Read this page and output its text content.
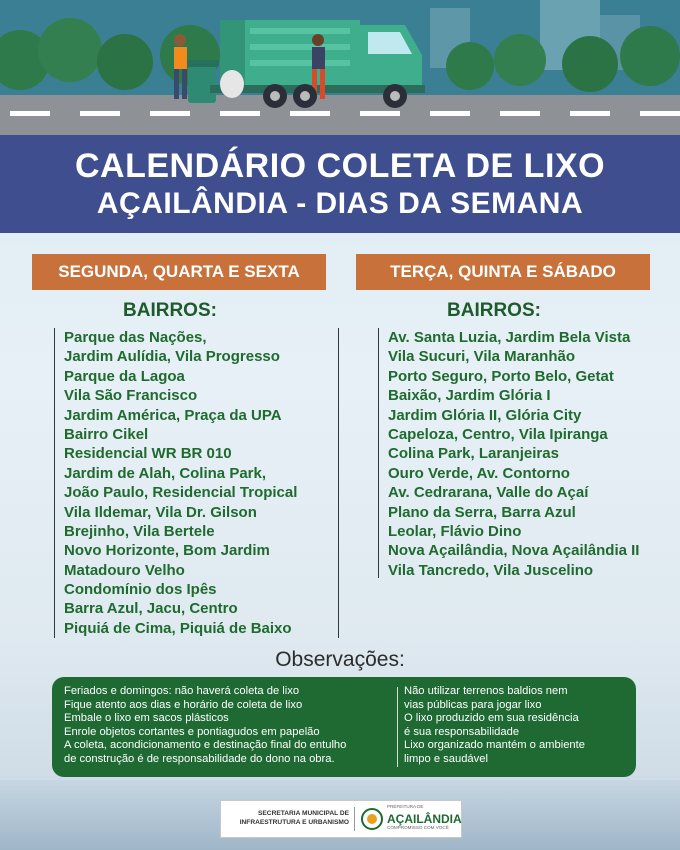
CALENDÁRIO COLETA DE LIXO
AÇAILÂNDIA - DIAS DA SEMANA
SEGUNDA, QUARTA E SEXTA
BAIRROS:
Parque das Nações,
Jardim Aulídia, Vila Progresso
Parque da Lagoa
Vila São Francisco
Jardim América, Praça da UPA
Bairro Cikel
Residencial WR BR 010
Jardim de Alah, Colina Park,
João Paulo, Residencial Tropical
Vila Ildemar, Vila Dr. Gilson
Brejinho, Vila Bertele
Novo Horizonte, Bom Jardim
Matadouro Velho
Condomínio dos Ipês
Barra Azul, Jacu, Centro
Piquiá de Cima, Piquiá de Baixo
TERÇA, QUINTA E SÁBADO
BAIRROS:
Av. Santa Luzia, Jardim Bela Vista
Vila Sucuri, Vila Maranhão
Porto Seguro, Porto Belo, Getat
Baixão, Jardim Glória I
Jardim Glória II, Glória City
Capeloza, Centro, Vila Ipiranga
Colina Park, Laranjeiras
Ouro Verde, Av. Contorno
Av. Cedrarana, Valle do Açaí
Plano da Serra, Barra Azul
Leolar, Flávio Dino
Nova Açailândia, Nova Açailândia II
Vila Tancredo, Vila Juscelino
Observações:
Feriados e domingos: não haverá coleta de lixo
Fique atento aos dias e horário de coleta de lixo
Embale o lixo em sacos plásticos
Enrole objetos cortantes e pontiagudos em papelão
A coleta, acondicionamento e destinação final do entulho
de construção é de responsabilidade do dono na obra.
Não utilizar terrenos baldios nem
vias públicas para jogar lixo
O lixo produzido em sua residência
é sua responsabilidade
Lixo organizado mantém o ambiente
limpo e saudável
SECRETARIA MUNICIPAL DE
INFRAESTRUTURA E URBANISMO
PREFEITURA DE
AÇAILÂNDIA
COMPROMISSO COM VOCÊ
